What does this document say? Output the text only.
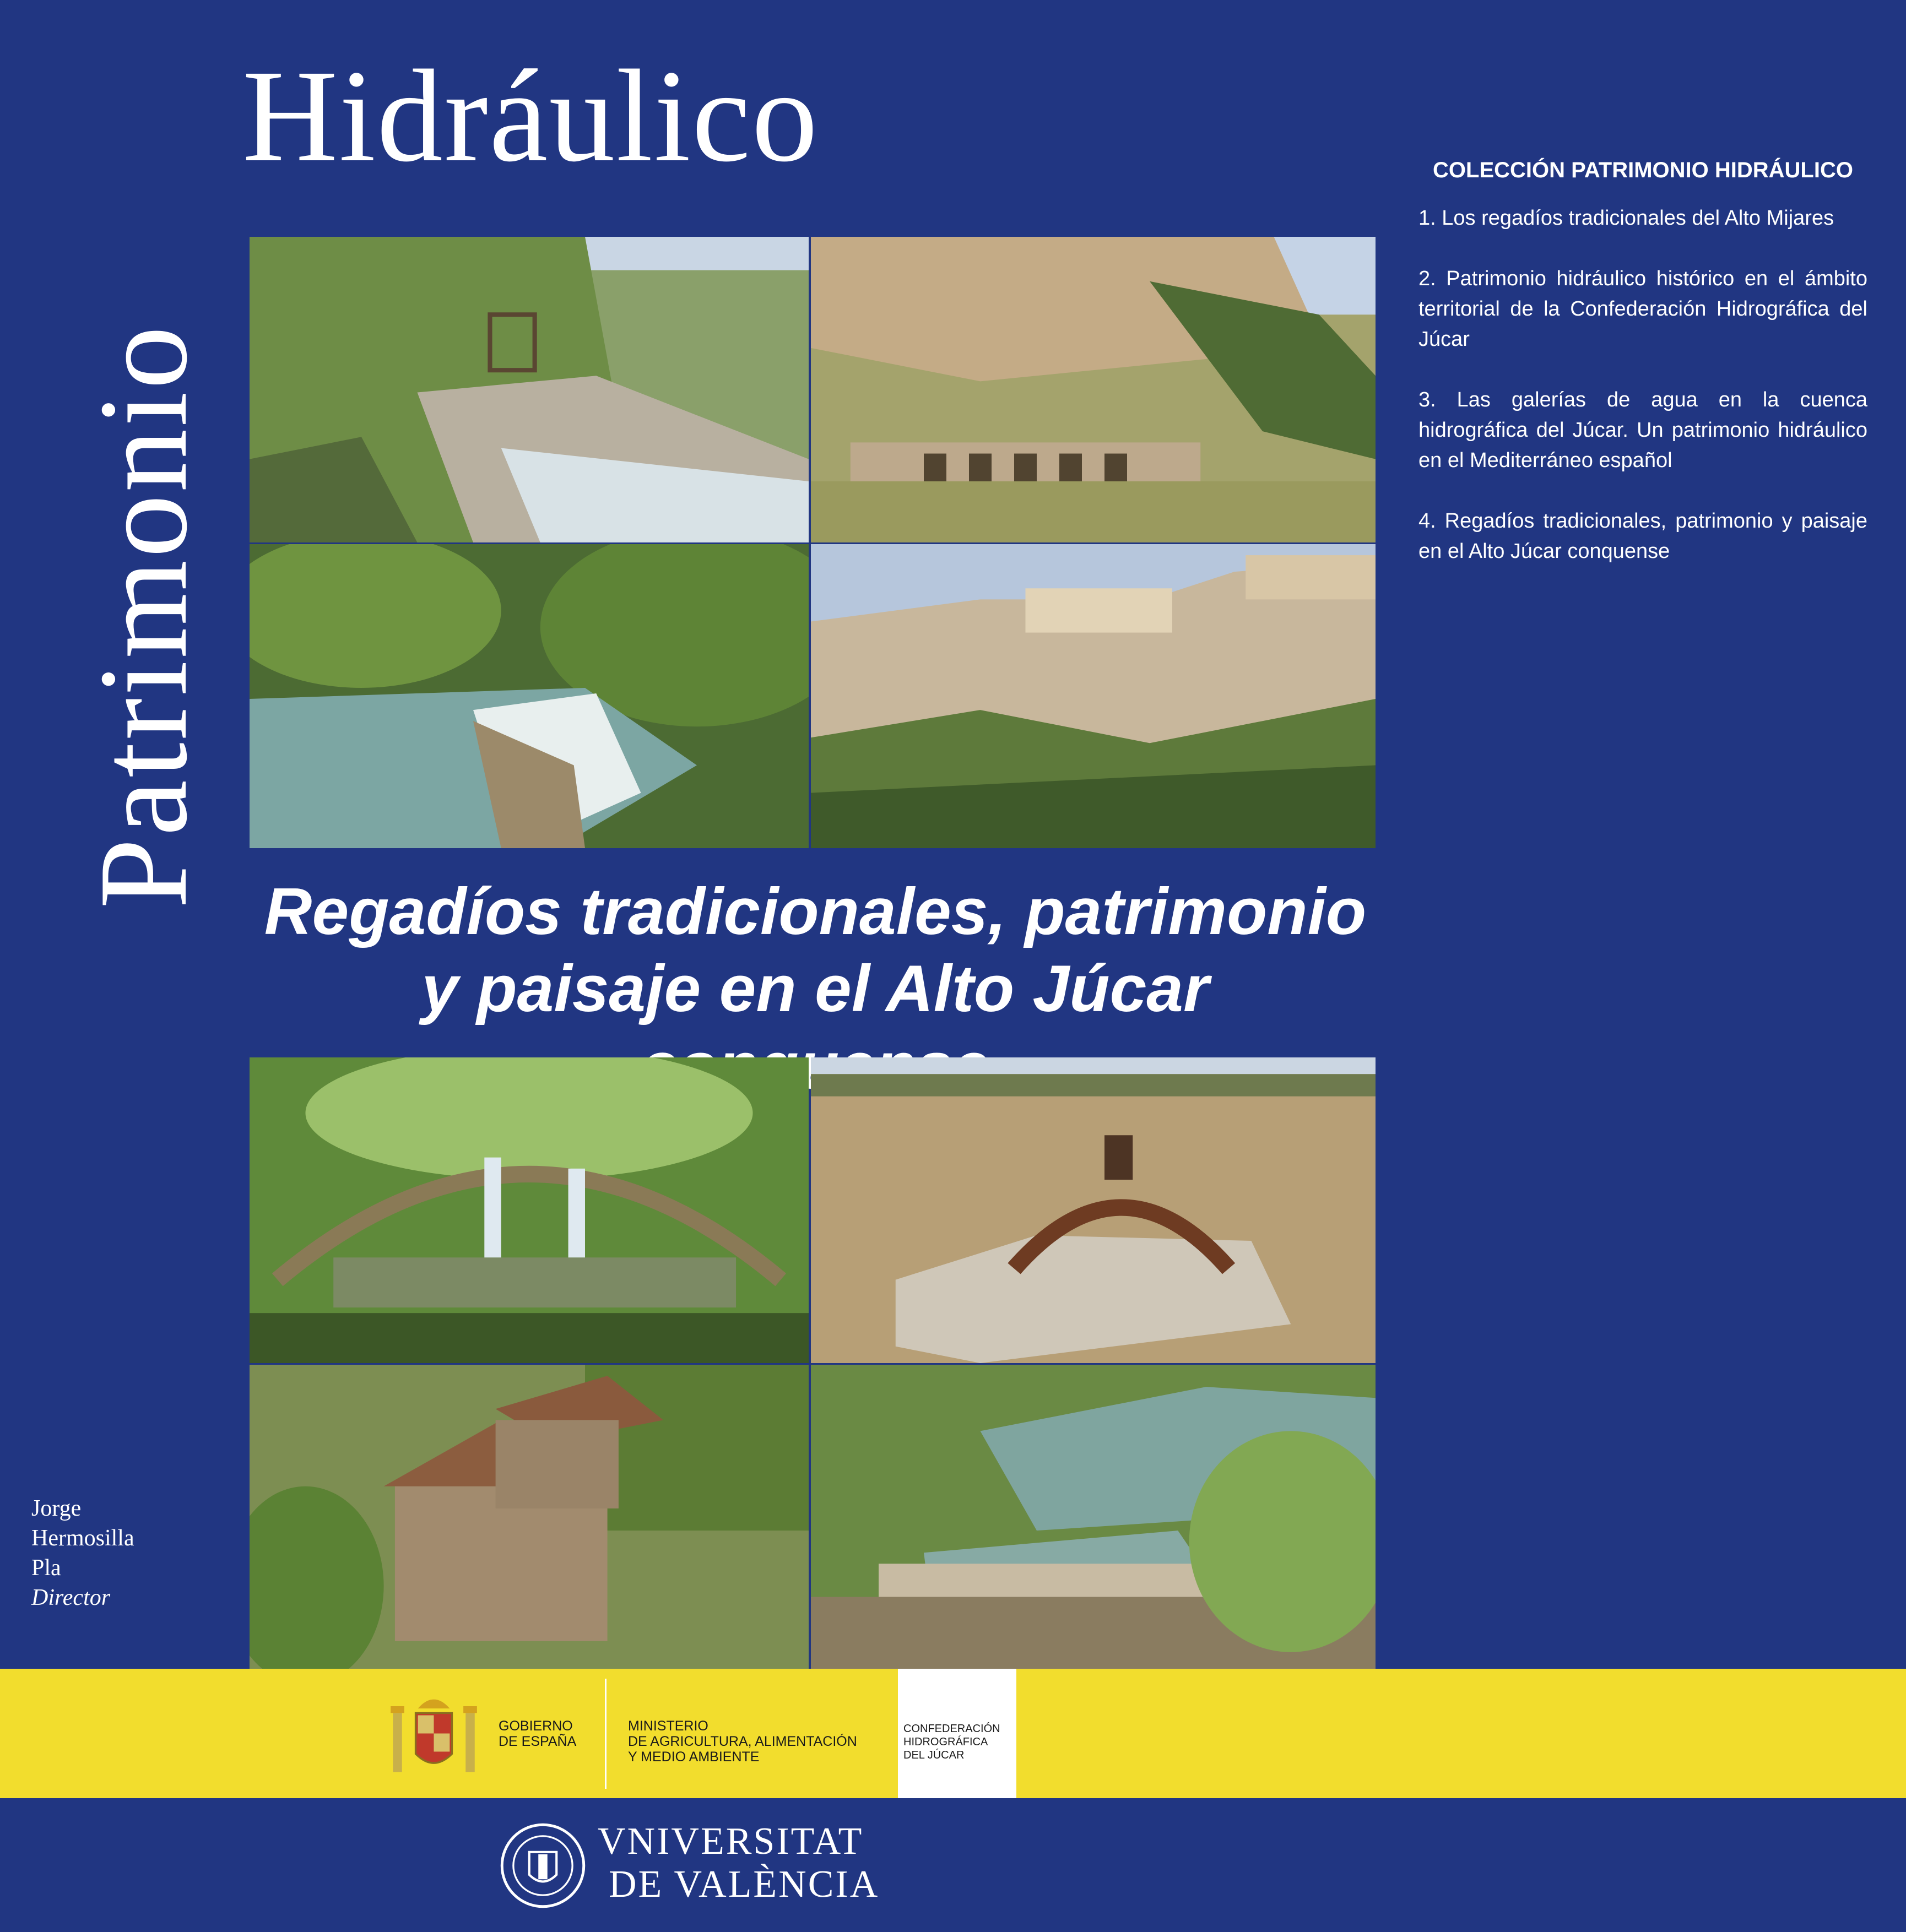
Hidráulico
Patrimonio
Regadíos tradicionales, patrimonio y paisaje en el Alto Júcar
COLECCIÓN PATRIMONIO HIDRÁULICO
1. Los regadíos tradicionales del Alto Mijares
2. Patrimonio hidráulico histórico en el ámbito territorial de la Confederación Hidrográfica del Júcar
3. Las galerías de agua en la cuenca hidrográfica del Júcar. Un patrimonio hidráulico en el Mediterráneo español
4. Regadíos tradicionales, patrimonio y paisaje en el Alto Júcar conquense
Jorge
Hermosilla
Pla
Director
GOBIERNO
DE ESPAÑA
MINISTERIO
DE AGRICULTURA, ALIMENTACIÓN
Y MEDIO AMBIENTE
CONFEDERACIÓN
HIDROGRÁFICA
DEL JÚCAR
VNIVERSITAT
DE VALÈNCIA
